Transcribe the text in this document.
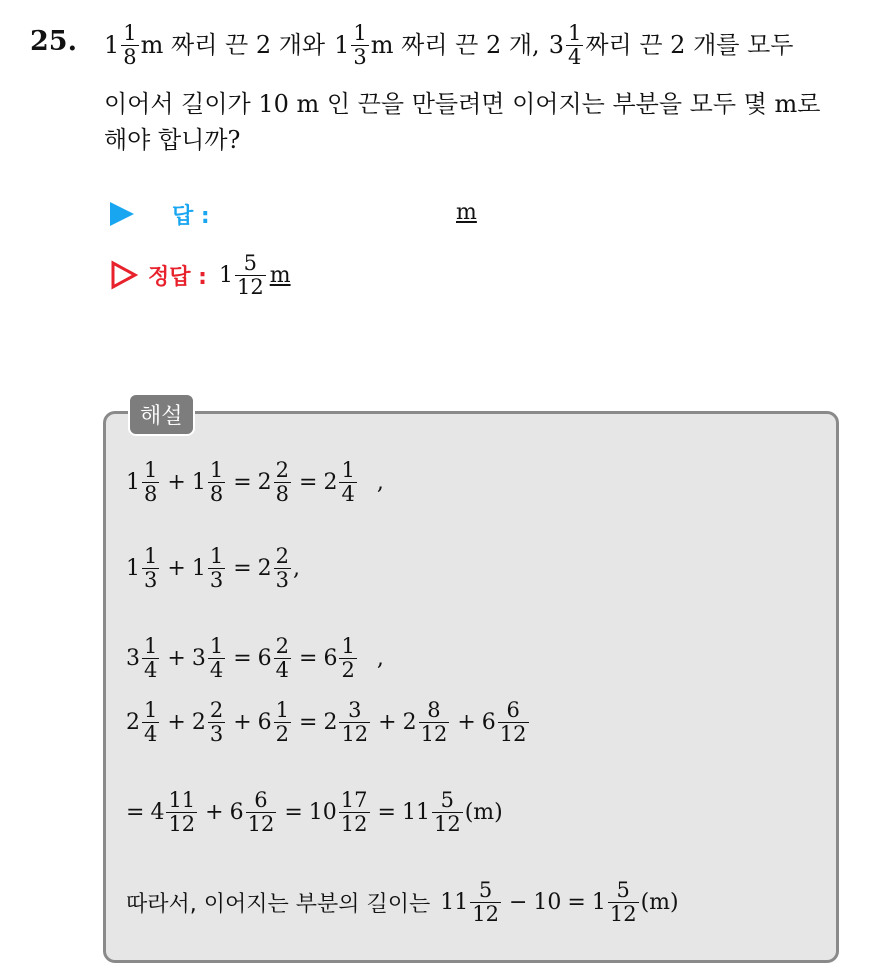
25. $1 \frac{1}{8}$ m 짜리 끈 2 개와 $1 \frac{1}{3}$ m 짜리 끈 2 개, $3 \frac{1}{4}$ 짜리 끈 2 개를 모두
이어서 길이가 10 m 인 끈을 만들려면 이어지는 부분을 모두 몇 m로
해야 합니까?
답 :	m
정답 : $1 \frac{5}{12}$ m
해설
$1 \frac{1}{8} + 1 \frac{1}{8} = 2 \frac{2}{8} = 2 \frac{1}{4}$ ,
$1 \frac{1}{3} + 1 \frac{1}{3} = 2 \frac{2}{3}$ ,
$3 \frac{1}{4} + 3 \frac{1}{4} = 6 \frac{2}{4} = 6 \frac{1}{2}$ ,
$2 \frac{1}{4} + 2 \frac{2}{3} + 6 \frac{1}{2} = 2 \frac{3}{12} + 2 \frac{8}{12} + 6 \frac{6}{12}$
= $4 \frac{11}{12} + 6 \frac{6}{12} = 10 \frac{17}{12} = 11 \frac{5}{12} (m)$
따라서, 이어지는 부분의 길이는 $11 \frac{5}{12} - 10 = 1 \frac{5}{12} (m)$
